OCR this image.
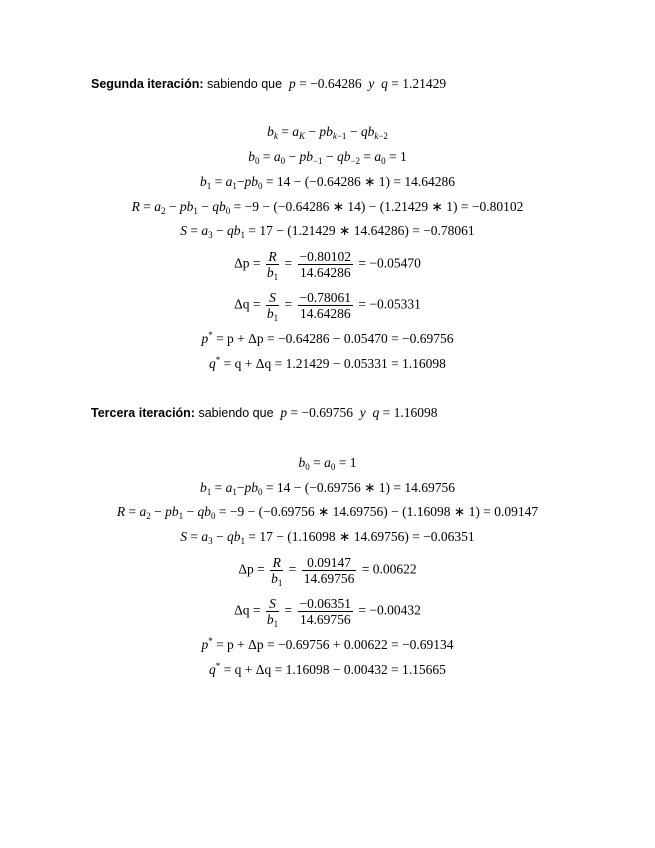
Segunda iteración: sabiendo que p = −0.64286 y q = 1.21429
$b_k = a_K - pb_{k-1} - qb_{k-2}$
$b_0 = a_0 - pb_{-1} - qb_{-2} = a_0 = 1$
$b_1 = a_1-pb_0 = 14 - (-0.64286$ ∗ 1) = 14.64286
$R = a_2 - pb_1 - qb_0 = -9 - (-0.64286$ ∗ 14) − (1.21429 ∗ 1) = −0.80102
$S = a_3 - qb_1 = 17 - (1.21429$ ∗ 14.64286) = −0.78061
$\Delta p = \frac{R}{b_1} = \frac{-0.80102}{14.64286} = -0.05470$
$\Delta q = \frac{S}{b_1} = \frac{-0.78061}{14.64286} = -0.05331$
p* = p + Δp = −0.64286 − 0.05470 = −0.69756
q* = q + Δq = 1.21429 − 0.05331 = 1.16098
Tercera iteración: sabiendo que p = −0.69756 y q = 1.16098
$b_0 = a_0 = 1$
$b_1 = a_1-pb_0 = 14 - (-0.69756$ ∗ 1) = 14.69756
$R = a_2 - pb_1 - qb_0 = -9 - (-0.69756$ ∗ 14.69756) − (1.16098 ∗ 1) = 0.09147
$S = a_3 - qb_1 = 17 - (1.16098$ ∗ 14.69756) = −0.06351
$\Delta p = \frac{R}{b_1} = \frac{0.09147}{14.69756} = 0.00622$
$\Delta q = \frac{S}{b_1} = \frac{-0.06351}{14.69756} = -0.00432$
p* = p + Δp = −0.69756 + 0.00622 = −0.69134
q* = q + Δq = 1.16098 − 0.00432 = 1.15665
